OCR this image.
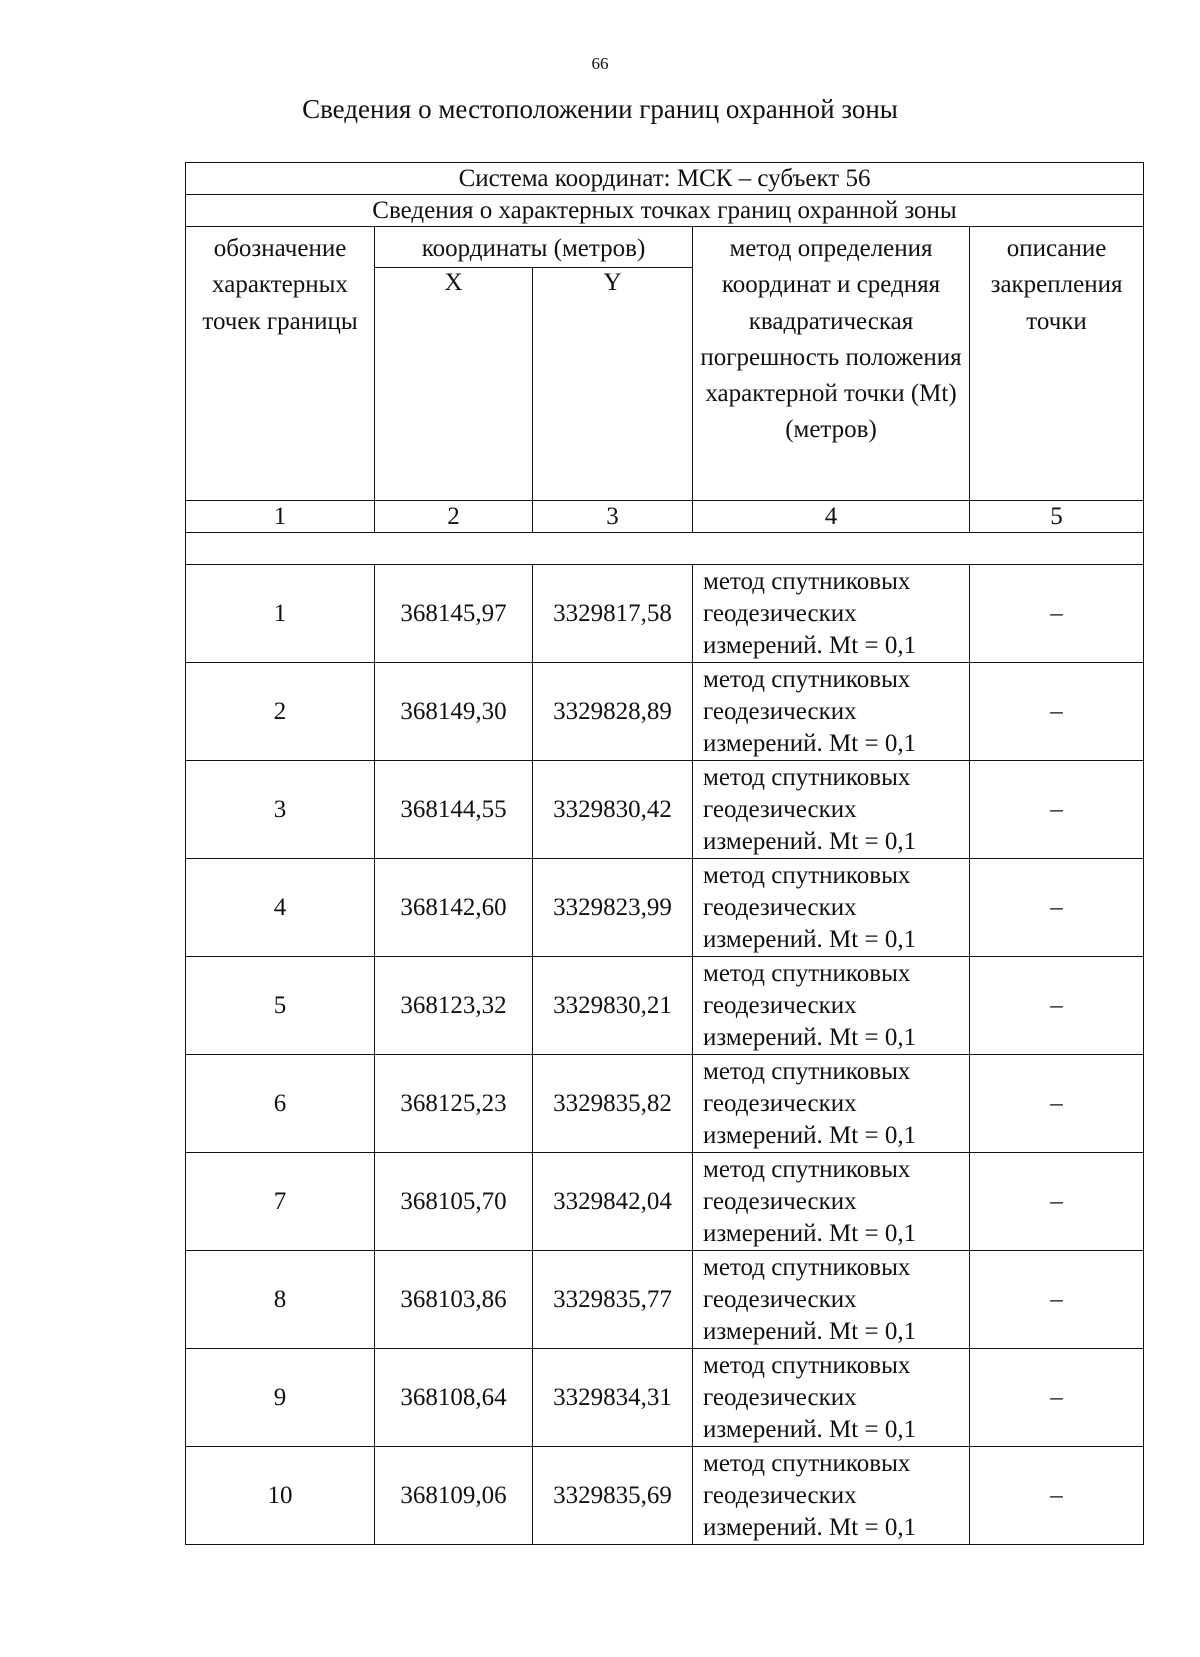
66
Сведения о местоположении границ охранной зоны
Система координат: МСК – субъект 56				
Сведения о характерных точках границ охранной зоны				
обозначение характерных точек границы	координаты (метров)		метод определения координат и средняя квадратическая погрешность положения характерной точки (Mt) (метров)	описание закрепления точки
	X	Y		
1	2	3	4	5

1	368145,97	3329817,58	метод спутниковых геодезических измерений. Mt = 0,1	–
2	368149,30	3329828,89	метод спутниковых геодезических измерений. Mt = 0,1	–
3	368144,55	3329830,42	метод спутниковых геодезических измерений. Mt = 0,1	–
4	368142,60	3329823,99	метод спутниковых геодезических измерений. Mt = 0,1	–
5	368123,32	3329830,21	метод спутниковых геодезических измерений. Mt = 0,1	–
6	368125,23	3329835,82	метод спутниковых геодезических измерений. Mt = 0,1	–
7	368105,70	3329842,04	метод спутниковых геодезических измерений. Mt = 0,1	–
8	368103,86	3329835,77	метод спутниковых геодезических измерений. Mt = 0,1	–
9	368108,64	3329834,31	метод спутниковых геодезических измерений. Mt = 0,1	–
10	368109,06	3329835,69	метод спутниковых геодезических измерений. Mt = 0,1	–
